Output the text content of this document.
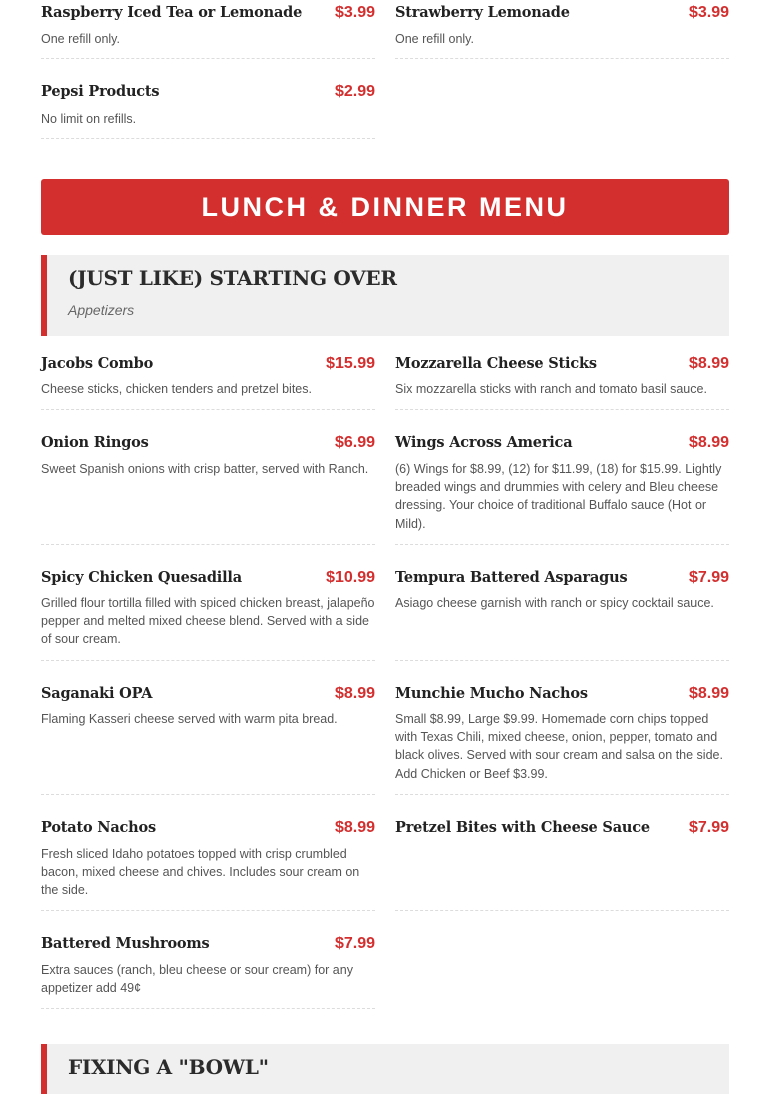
Raspberry Iced Tea or Lemonade $3.99
One refill only.
Strawberry Lemonade	$3.99
One refill only.
Pepsi Products	$2.99
No limit on refills.
LUNCH & DINNER MENU
(JUST LIKE) STARTING OVER
Appetizers
Jacobs Combo	$15.99
Cheese sticks, chicken tenders and pretzel bites.
Mozzarella Cheese Sticks	$8.99
Six mozzarella sticks with ranch and tomato basil sauce.
Onion Ringos	$6.99
Sweet Spanish onions with crisp batter, served with Ranch.
Wings Across America	$8.99
(6) Wings for $8.99, (12) for $11.99, (18) for $15.99. Lightly breaded wings and drummies with celery and Bleu cheese dressing. Your choice of traditional Buffalo sauce (Hot or Mild).
Spicy Chicken Quesadilla	$10.99
Grilled flour tortilla filled with spiced chicken breast, jalapeño pepper and melted mixed cheese blend. Served with a side of sour cream.
Tempura Battered Asparagus	$7.99
Asiago cheese garnish with ranch or spicy cocktail sauce.
Saganaki OPA	$8.99
Flaming Kasseri cheese served with warm pita bread.
Munchie Mucho Nachos	$8.99
Small $8.99, Large $9.99. Homemade corn chips topped with Texas Chili, mixed cheese, onion, pepper, tomato and black olives. Served with sour cream and salsa on the side. Add Chicken or Beef $3.99.
Potato Nachos	$8.99
Fresh sliced Idaho potatoes topped with crisp crumbled bacon, mixed cheese and chives. Includes sour cream on the side.
Pretzel Bites with Cheese Sauce $7.99
Battered Mushrooms	$7.99
Extra sauces (ranch, bleu cheese or sour cream) for any appetizer add 49¢
FIXING A "BOWL"
